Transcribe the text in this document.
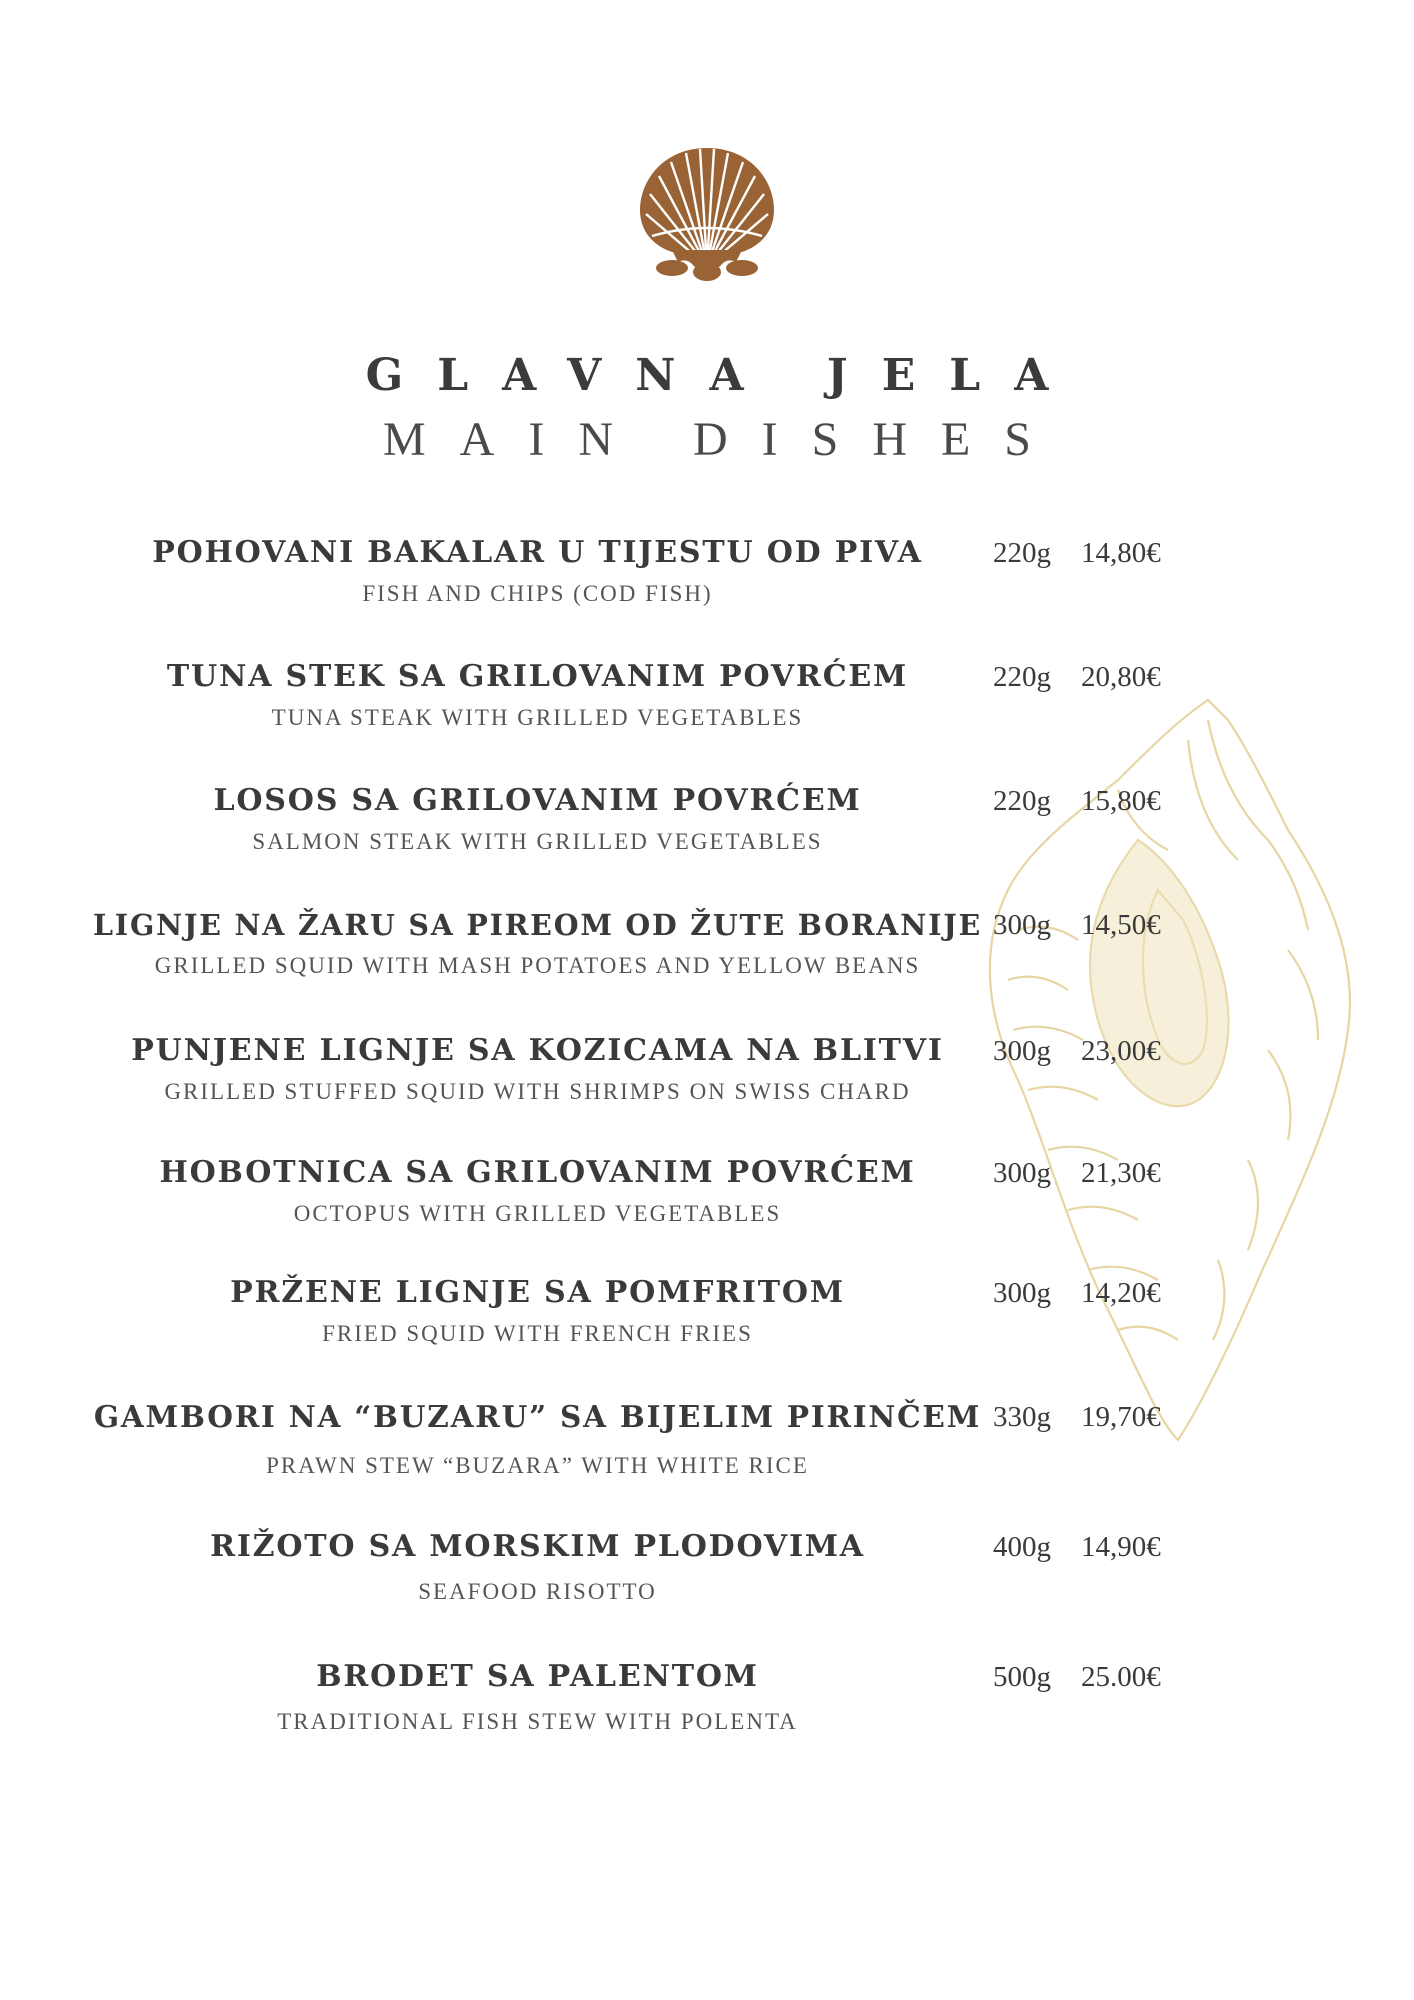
GLAVNA JELA
MAIN DISHES
POHOVANI BAKALAR U TIJESTU OD PIVA
FISH AND CHIPS (COD FISH)
220g 14,80€
TUNA STEK SA GRILOVANIM POVRĆEM
TUNA STEAK WITH GRILLED VEGETABLES
220g 20,80€
LOSOS SA GRILOVANIM POVRĆEM
SALMON STEAK WITH GRILLED VEGETABLES
220g 15,80€
LIGNJE NA ŽARU SA PIREOM OD ŽUTE BORANIJE
GRILLED SQUID WITH MASH POTATOES AND YELLOW BEANS
300g 14,50€
PUNJENE LIGNJE SA KOZICAMA NA BLITVI
GRILLED STUFFED SQUID WITH SHRIMPS ON SWISS CHARD
300g 23,00€
HOBOTNICA SA GRILOVANIM POVRĆEM
OCTOPUS WITH GRILLED VEGETABLES
300g 21,30€
PRŽENE LIGNJE SA POMFRITOM
FRIED SQUID WITH FRENCH FRIES
300g 14,20€
GAMBORI NA “BUZARU” SA BIJELIM PIRINČEM
PRAWN STEW “BUZARA” WITH WHITE RICE
330g 19,70€
RIŽOTO SA MORSKIM PLODOVIMA
SEAFOOD RISOTTO
400g 14,90€
BRODET SA PALENTOM
TRADITIONAL FISH STEW WITH POLENTA
500g 25.00€
